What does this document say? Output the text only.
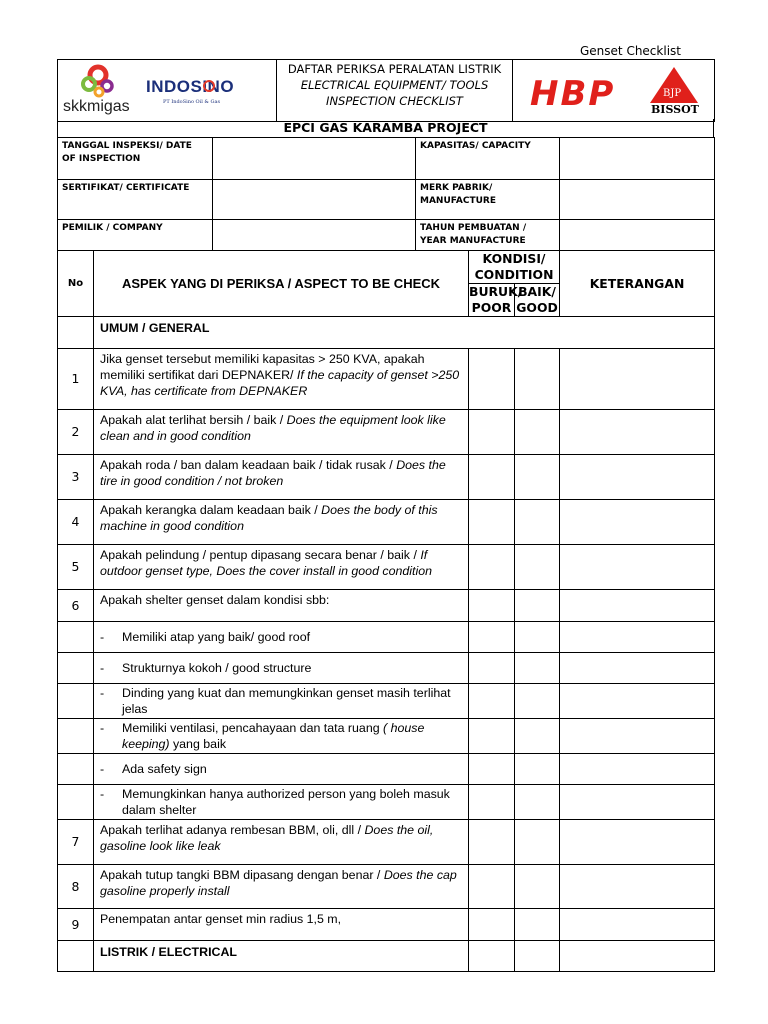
Genset Checklist

DAFTAR PERIKSA PERALATAN LISTRIK
ELECTRICAL EQUIPMENT/ TOOLS
INSPECTION CHECKLIST

skkmigas
INDOSINO
PT IndoSino Oil & Gas	HBP	BJP
BISSOT
EPCI GAS KARAMBA PROJECT
TANGGAL INSPEKSI/ DATE OF INSPECTION		KAPASITAS/ CAPACITY	
SERTIFIKAT/ CERTIFICATE		MERK PABRIK/ MANUFACTURE	
PEMILIK / COMPANY		TAHUN PEMBUATAN / YEAR MANUFACTURE	
No	ASPEK YANG DI PERIKSA / ASPECT TO BE CHECK	KONDISI/ CONDITION		KETERANGAN
		BURUK/ POOR	BAIK/ GOOD	
	UMUM / GENERAL			
1	Jika genset tersebut memiliki kapasitas > 250 KVA, apakah memiliki sertifikat dari DEPNAKER/ If the capacity of genset >250 KVA, has certificate from DEPNAKER			
2	Apakah alat terlihat bersih / baik / Does the equipment look like clean and in good condition			
3	Apakah roda / ban dalam keadaan baik / tidak rusak / Does the tire in good condition / not broken			
4	Apakah kerangka dalam keadaan baik / Does the body of this machine in good condition			
5	Apakah pelindung / pentup dipasang secara benar / baik / If outdoor genset type, Does the cover install in good condition			
6	Apakah shelter genset dalam kondisi sbb:			

	- Memiliki atap yang baik/ good roof			

	- Strukturnya kokoh / good structure			

	- Dinding yang kuat dan memungkinkan genset masih terlihat jelas			

	- Memiliki ventilasi, pencahayaan dan tata ruang ( house keeping) yang baik			

	- Ada safety sign			

	- Memungkinkan hanya authorized person yang boleh masuk dalam shelter			

7	Apakah terlihat adanya rembesan BBM, oli, dll / Does the oil, gasoline look like leak			
8	Apakah tutup tangki BBM dipasang dengan benar / Does the cap gasoline properly install			
9	Penempatan antar genset min radius 1,5 m,			
	LISTRIK / ELECTRICAL			
